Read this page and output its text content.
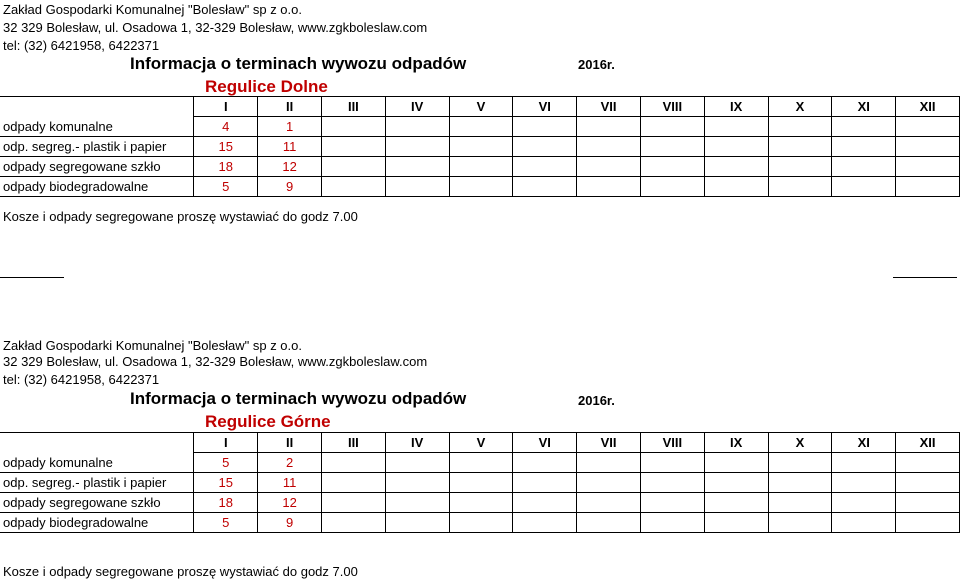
Zakład Gospodarki Komunalnej "Bolesław" sp z o.o.
32 329 Bolesław, ul. Osadowa 1, 32-329 Bolesław, www.zgkboleslaw.com
tel: (32) 6421958, 6422371
Informacja o terminach wywozu odpadów	2016r.
Regulice Dolne
	I	II	III	IV	V	VI	VII	VIII	IX	X	XI	XII
odpady komunalne	4	1										
odp. segreg.- plastik i papier	15	11										
odpady segregowane szkło	18	12										
odpady biodegradowalne	5	9										
Kosze i odpady segregowane proszę wystawiać do godz 7.00
Zakład Gospodarki Komunalnej "Bolesław" sp z o.o.
32 329 Bolesław, ul. Osadowa 1, 32-329 Bolesław, www.zgkboleslaw.com
tel: (32) 6421958, 6422371
Informacja o terminach wywozu odpadów	2016r.
Regulice Górne
	I	II	III	IV	V	VI	VII	VIII	IX	X	XI	XII
odpady komunalne	5	2										
odp. segreg.- plastik i papier	15	11										
odpady segregowane szkło	18	12										
odpady biodegradowalne	5	9										
Kosze i odpady segregowane proszę wystawiać do godz 7.00
